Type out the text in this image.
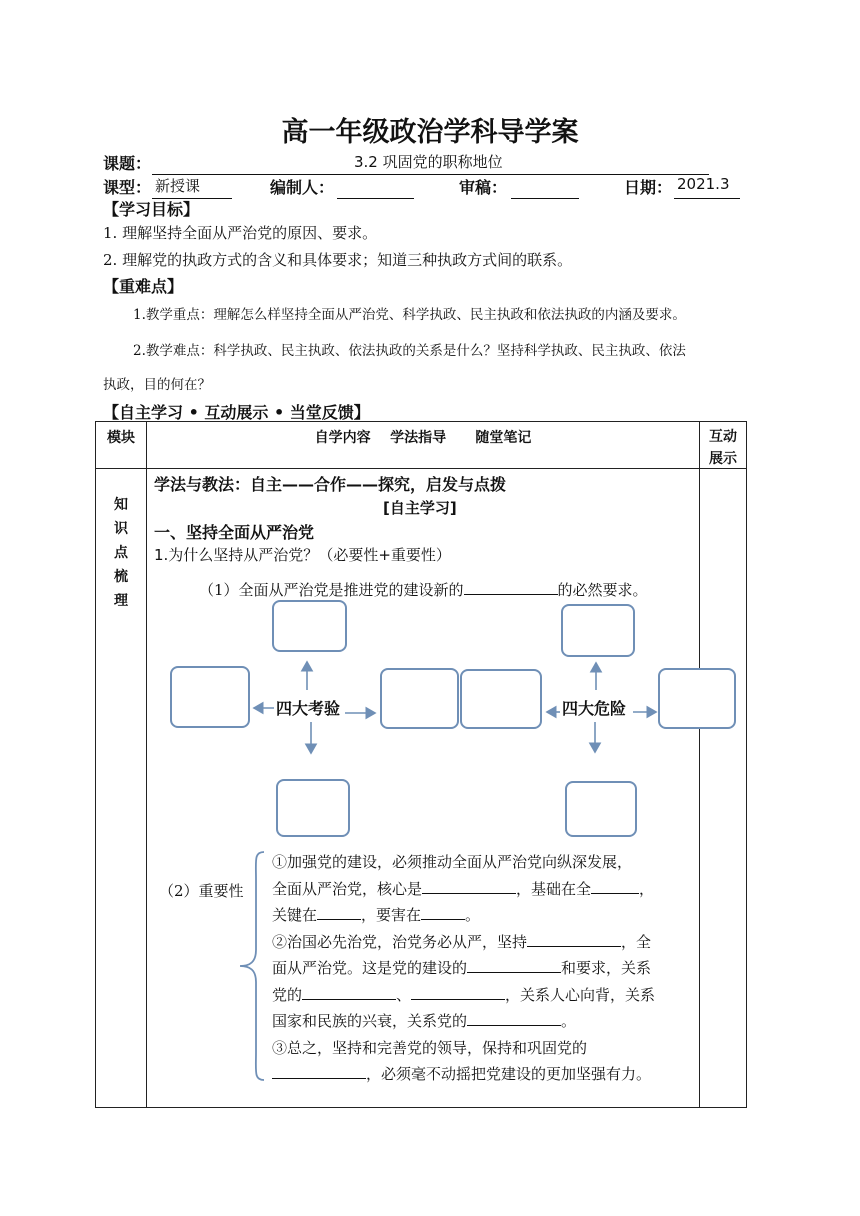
高一年级政治学科导学案
课题：	3.2 巩固党的职称地位
课型： 新授课	编制人：	审稿：	日期： 2021.3
【学习目标】
1. 理解坚持全面从严治党的原因、要求。
2. 理解党的执政方式的含义和具体要求；知道三种执政方式间的联系。
【重难点】
1.教学重点：理解怎么样坚持全面从严治党、科学执政、民主执政和依法执政的内涵及要求。
2.教学难点：科学执政、民主执政、依法执政的关系是什么？坚持科学执政、民主执政、依法
执政，目的何在？
【自主学习 • 互动展示 • 当堂反馈】
模块	自学内容    学法指导      随堂笔记	互动
展示

知
识
点
梳
理		

学法与教法：自主——合作——探究，启发与点拨
[自主学习]
一、坚持全面从严治党
1.为什么坚持从严治党？（必要性+重要性）
（1）全面从严治党是推进党的建设新的	的必然要求。
四大考验	四大危险
（2）重要性
①加强党的建设，必须推动全面从严治党向纵深发展，
全面从严治党，核心是	，基础在全	，
关键在	，要害在	。
②治国必先治党，治党务必从严，坚持	，全
面从严治党。这是党的建设的	和要求，关系
党的	、	，关系人心向背，关系
国家和民族的兴衰，关系党的	。
③总之，坚持和完善党的领导，保持和巩固党的
，必须毫不动摇把党建设的更加坚强有力。
